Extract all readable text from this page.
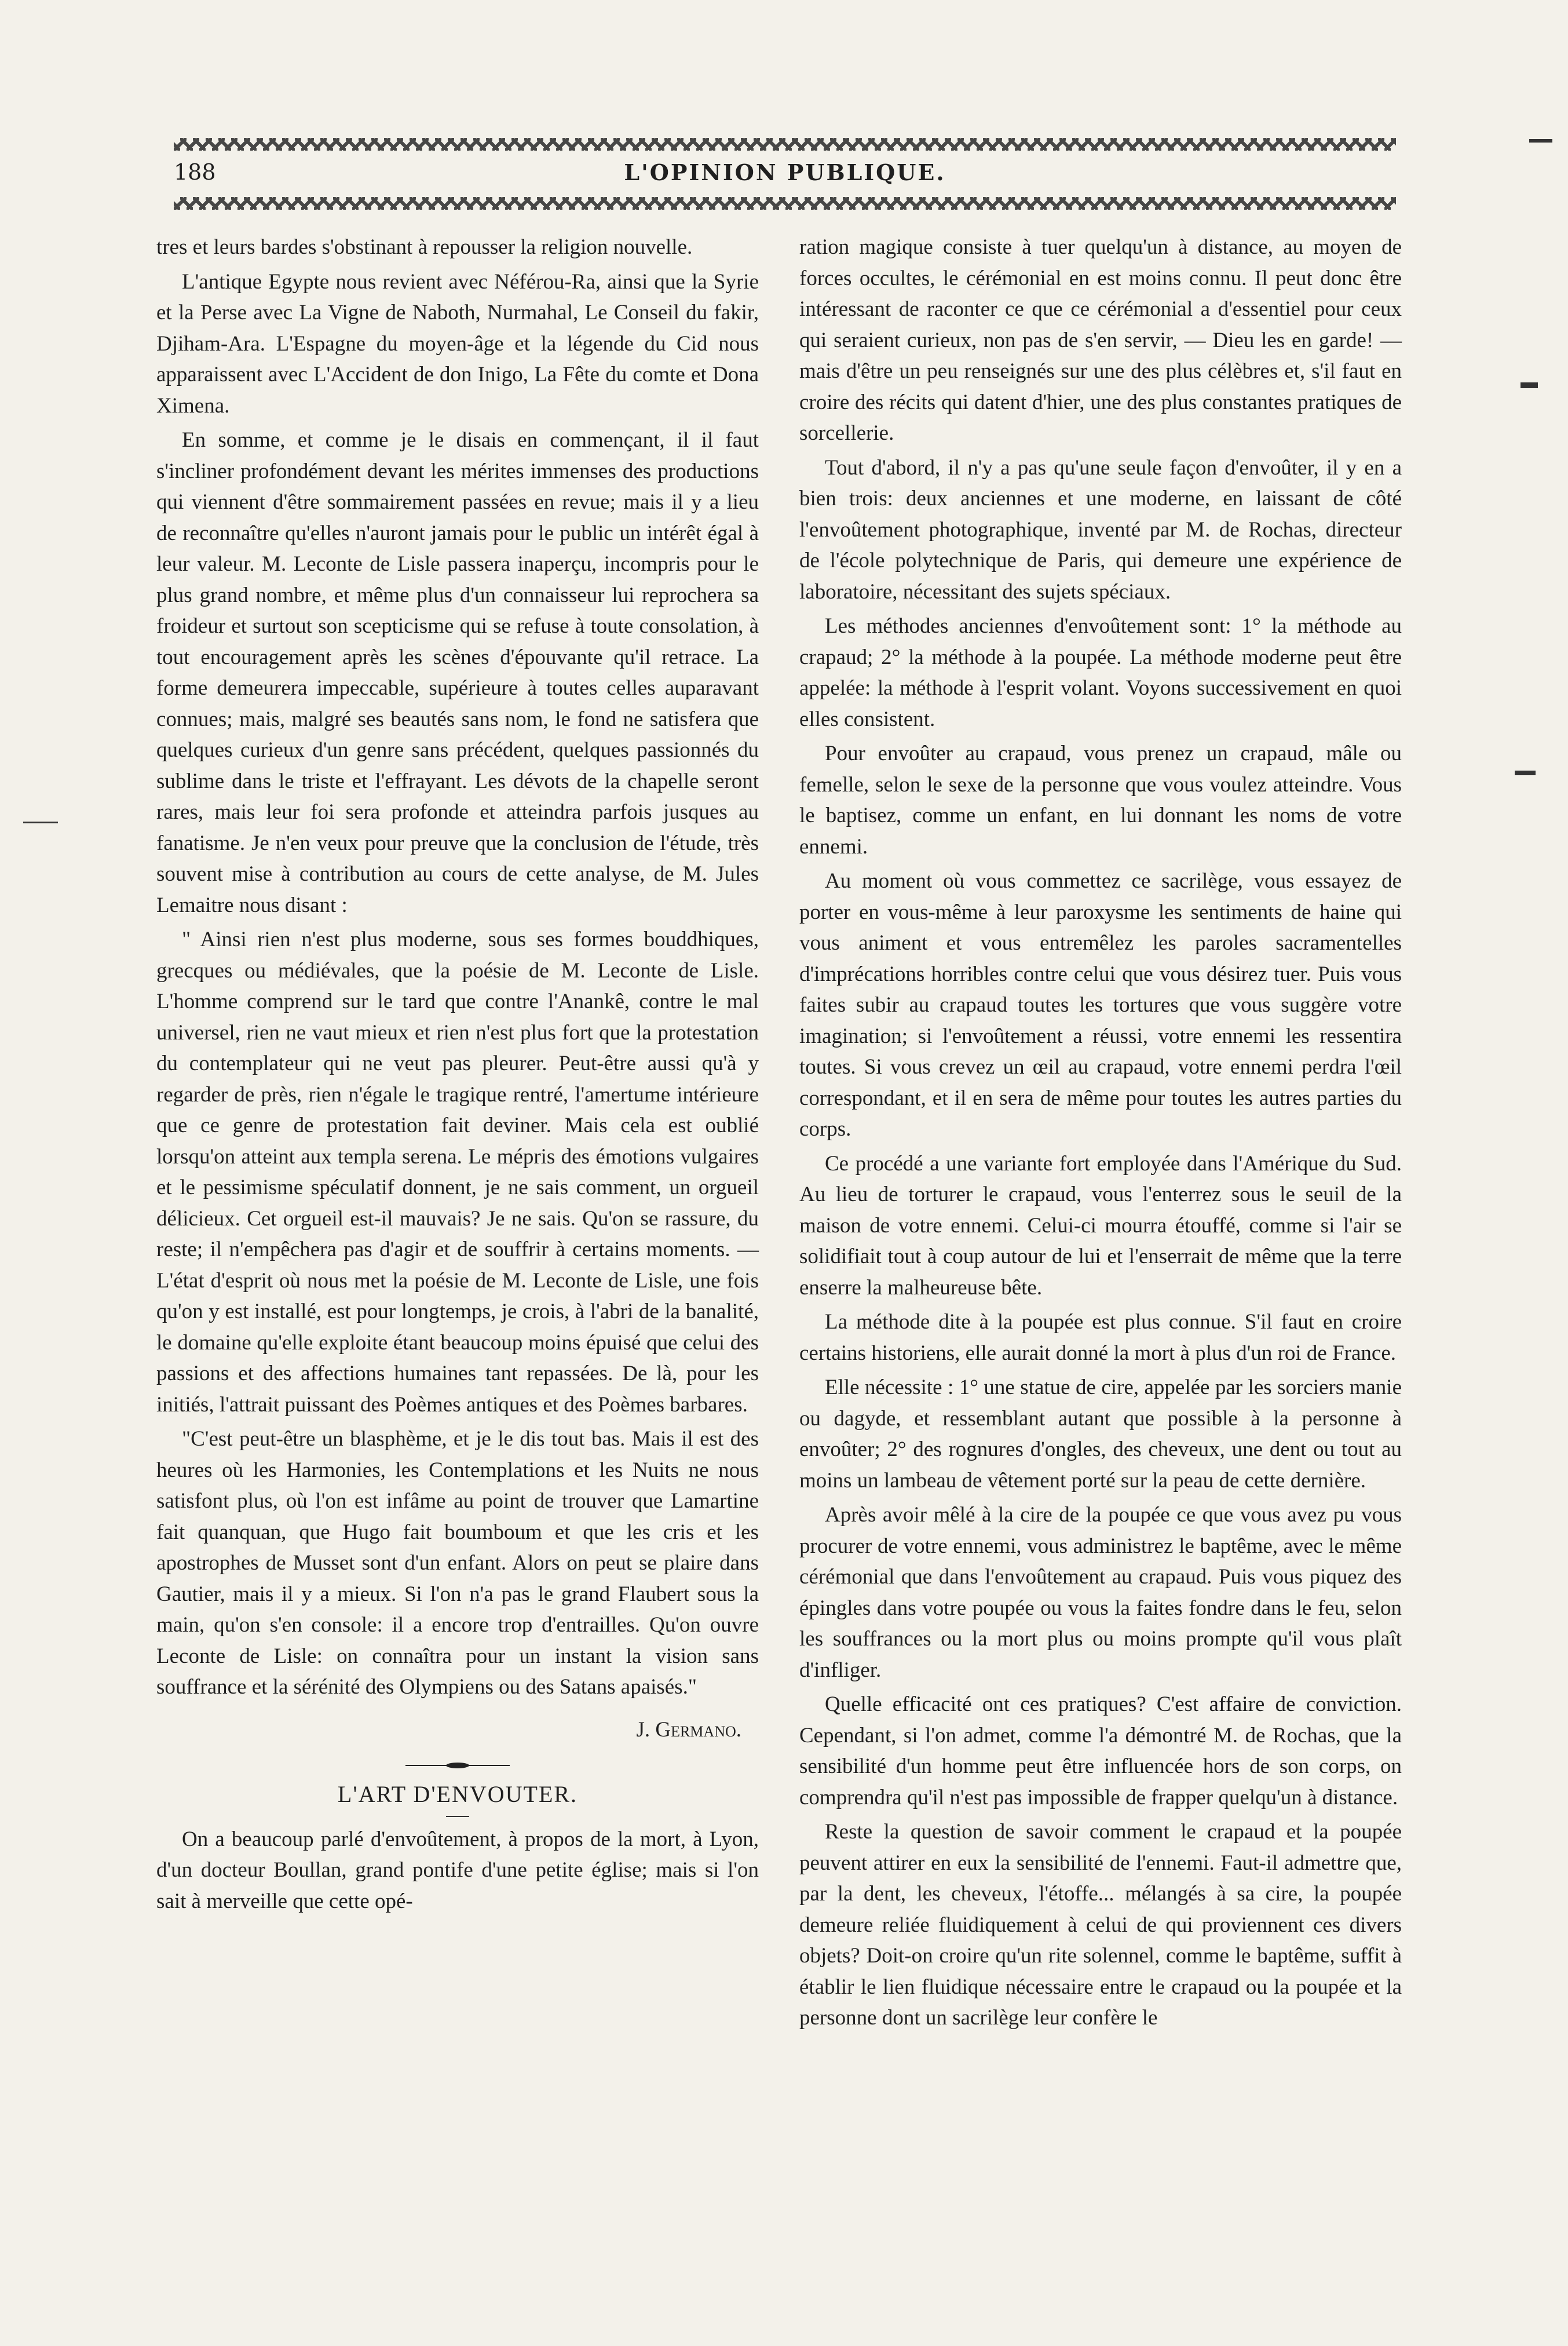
188	L'OPINION PUBLIQUE.

tres et leurs bardes s'obstinant à repousser la religion nouvelle.

L'antique Egypte nous revient avec Néférou-Ra, ainsi que la Syrie et la Perse avec La Vigne de Naboth, Nurmahal, Le Conseil du fakir, Djiham-Ara. L'Espagne du moyen-âge et la légende du Cid nous apparaissent avec L'Accident de don Inigo, La Fête du comte et Dona Ximena.

En somme, et comme je le disais en commençant, il il faut s'incliner profondément devant les mérites immenses des productions qui viennent d'être sommairement passées en revue; mais il y a lieu de reconnaître qu'elles n'auront jamais pour le public un intérêt égal à leur valeur. M. Leconte de Lisle passera inaperçu, incompris pour le plus grand nombre, et même plus d'un connaisseur lui reprochera sa froideur et surtout son scepticisme qui se refuse à toute consolation, à tout encouragement après les scènes d'épouvante qu'il retrace. La forme demeurera impeccable, supérieure à toutes celles auparavant connues; mais, malgré ses beautés sans nom, le fond ne satisfera que quelques curieux d'un genre sans précédent, quelques passionnés du sublime dans le triste et l'effrayant. Les dévots de la chapelle seront rares, mais leur foi sera profonde et atteindra parfois jusques au fanatisme. Je n'en veux pour preuve que la conclusion de l'étude, très souvent mise à contribution au cours de cette analyse, de M. Jules Lemaitre nous disant :

" Ainsi rien n'est plus moderne, sous ses formes bouddhiques, grecques ou médiévales, que la poésie de M. Leconte de Lisle. L'homme comprend sur le tard que contre l'Anankê, contre le mal universel, rien ne vaut mieux et rien n'est plus fort que la protestation du contemplateur qui ne veut pas pleurer. Peut-être aussi qu'à y regarder de près, rien n'égale le tragique rentré, l'amertume intérieure que ce genre de protestation fait deviner. Mais cela est oublié lorsqu'on atteint aux templa serena. Le mépris des émotions vulgaires et le pessimisme spéculatif donnent, je ne sais comment, un orgueil délicieux. Cet orgueil est-il mauvais? Je ne sais. Qu'on se rassure, du reste; il n'empêchera pas d'agir et de souffrir à certains moments. — L'état d'esprit où nous met la poésie de M. Leconte de Lisle, une fois qu'on y est installé, est pour longtemps, je crois, à l'abri de la banalité, le domaine qu'elle exploite étant beaucoup moins épuisé que celui des passions et des affections humaines tant repassées. De là, pour les initiés, l'attrait puissant des Poèmes antiques et des Poèmes barbares.

"C'est peut-être un blasphème, et je le dis tout bas. Mais il est des heures où les Harmonies, les Contemplations et les Nuits ne nous satisfont plus, où l'on est infâme au point de trouver que Lamartine fait quanquan, que Hugo fait boumboum et que les cris et les apostrophes de Musset sont d'un enfant. Alors on peut se plaire dans Gautier, mais il y a mieux. Si l'on n'a pas le grand Flaubert sous la main, qu'on s'en console: il a encore trop d'entrailles. Qu'on ouvre Leconte de Lisle: on connaîtra pour un instant la vision sans souffrance et la sérénité des Olympiens ou des Satans apaisés."

J. Germano.
L'ART D'ENVOUTER.

On a beaucoup parlé d'envoûtement, à propos de la mort, à Lyon, d'un docteur Boullan, grand pontife d'une petite église; mais si l'on sait à merveille que cette opé-

ration magique consiste à tuer quelqu'un à distance, au moyen de forces occultes, le cérémonial en est moins connu. Il peut donc être intéressant de raconter ce que ce cérémonial a d'essentiel pour ceux qui seraient curieux, non pas de s'en servir, — Dieu les en garde! — mais d'être un peu renseignés sur une des plus célèbres et, s'il faut en croire des récits qui datent d'hier, une des plus constantes pratiques de sorcellerie.

Tout d'abord, il n'y a pas qu'une seule façon d'envoûter, il y en a bien trois: deux anciennes et une moderne, en laissant de côté l'envoûtement photographique, inventé par M. de Rochas, directeur de l'école polytechnique de Paris, qui demeure une expérience de laboratoire, nécessitant des sujets spéciaux.

Les méthodes anciennes d'envoûtement sont: 1° la méthode au crapaud; 2° la méthode à la poupée. La méthode moderne peut être appelée: la méthode à l'esprit volant. Voyons successivement en quoi elles consistent.

Pour envoûter au crapaud, vous prenez un crapaud, mâle ou femelle, selon le sexe de la personne que vous voulez atteindre. Vous le baptisez, comme un enfant, en lui donnant les noms de votre ennemi.

Au moment où vous commettez ce sacrilège, vous essayez de porter en vous-même à leur paroxysme les sentiments de haine qui vous animent et vous entremêlez les paroles sacramentelles d'imprécations horribles contre celui que vous désirez tuer. Puis vous faites subir au crapaud toutes les tortures que vous suggère votre imagination; si l'envoûtement a réussi, votre ennemi les ressentira toutes. Si vous crevez un œil au crapaud, votre ennemi perdra l'œil correspondant, et il en sera de même pour toutes les autres parties du corps.

Ce procédé a une variante fort employée dans l'Amérique du Sud. Au lieu de torturer le crapaud, vous l'enterrez sous le seuil de la maison de votre ennemi. Celui-ci mourra étouffé, comme si l'air se solidifiait tout à coup autour de lui et l'enserrait de même que la terre enserre la malheureuse bête.

La méthode dite à la poupée est plus connue. S'il faut en croire certains historiens, elle aurait donné la mort à plus d'un roi de France.

Elle nécessite : 1° une statue de cire, appelée par les sorciers manie ou dagyde, et ressemblant autant que possible à la personne à envoûter; 2° des rognures d'ongles, des cheveux, une dent ou tout au moins un lambeau de vêtement porté sur la peau de cette dernière.

Après avoir mêlé à la cire de la poupée ce que vous avez pu vous procurer de votre ennemi, vous administrez le baptême, avec le même cérémonial que dans l'envoûtement au crapaud. Puis vous piquez des épingles dans votre poupée ou vous la faites fondre dans le feu, selon les souffrances ou la mort plus ou moins prompte qu'il vous plaît d'infliger.

Quelle efficacité ont ces pratiques? C'est affaire de conviction. Cependant, si l'on admet, comme l'a démontré M. de Rochas, que la sensibilité d'un homme peut être influencée hors de son corps, on comprendra qu'il n'est pas impossible de frapper quelqu'un à distance.

Reste la question de savoir comment le crapaud et la poupée peuvent attirer en eux la sensibilité de l'ennemi. Faut-il admettre que, par la dent, les cheveux, l'étoffe... mélangés à sa cire, la poupée demeure reliée fluidiquement à celui de qui proviennent ces divers objets? Doit-on croire qu'un rite solennel, comme le baptême, suffit à établir le lien fluidique nécessaire entre le crapaud ou la poupée et la personne dont un sacrilège leur confère le
